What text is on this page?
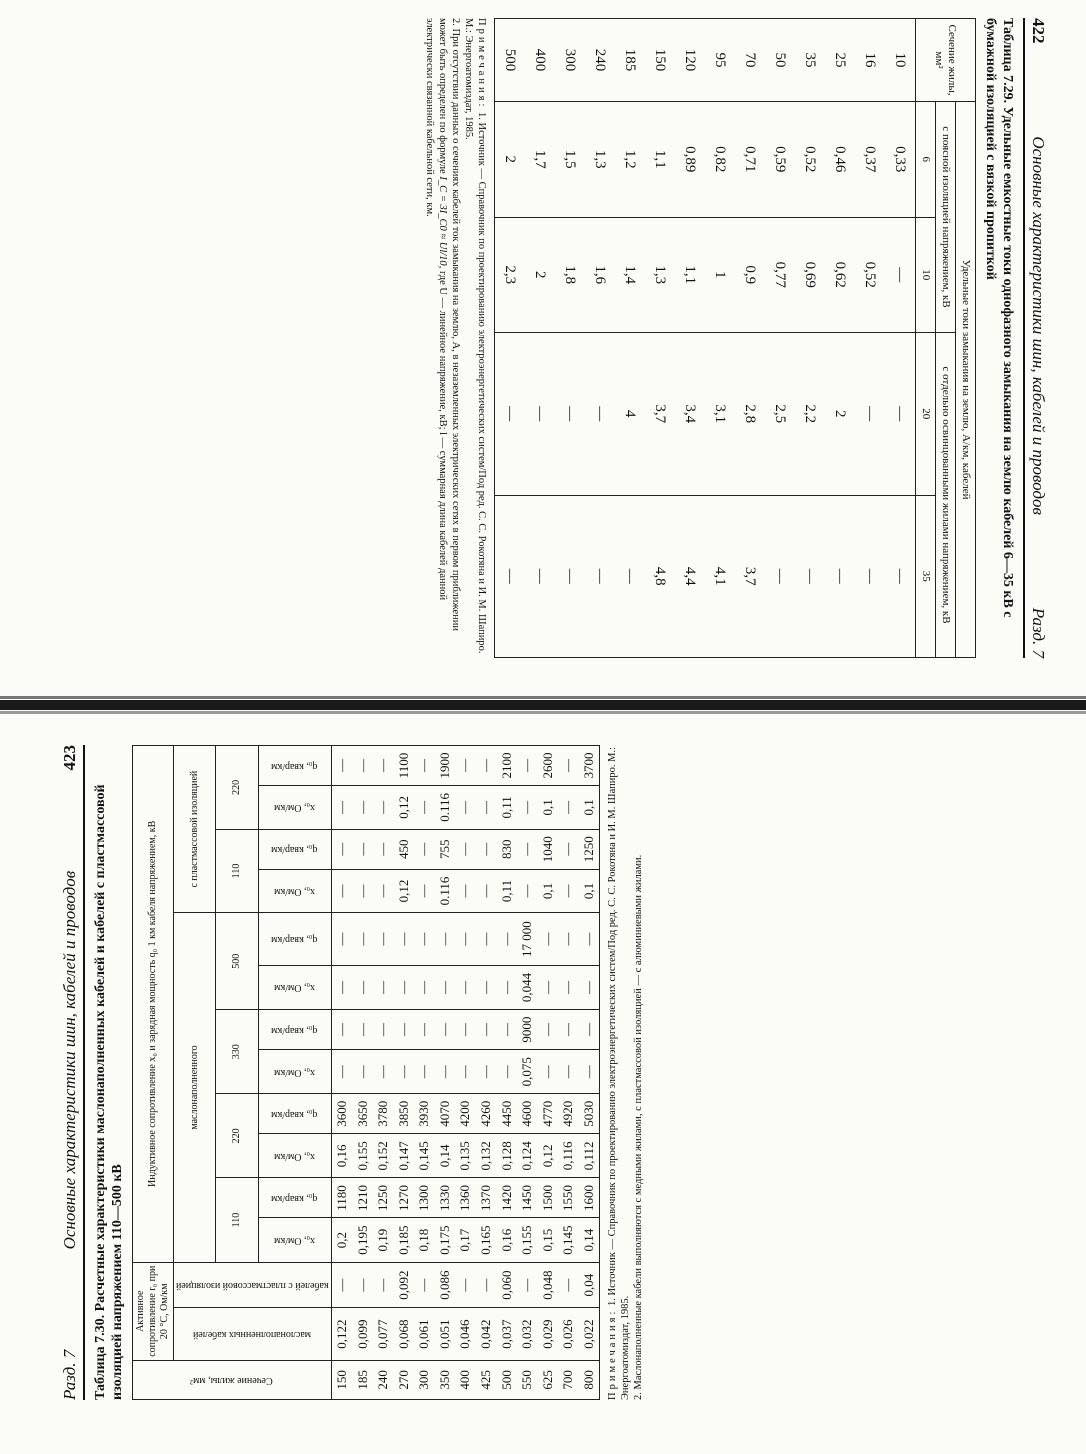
422
Основные характеристики шин, кабелей и проводов
Разд. 7
Таблица 7.29. Удельные емкостные токи однофазного замыкания на землю кабелей 6—35 кВ с бумажной изоляцией с вязкой пропиткой
Сечение жилы, мм²	Удельные токи замыкания на землю, А/км, кабелей			
	с поясной изоляцией напряжением, кВ		с отдельно освинцованными жилами напряжением, кВ	
	6	10	20	35
10	0,33	—	—	—
16	0,37	0,52	—	—
25	0,46	0,62	2	—
35	0,52	0,69	2,2	—
50	0,59	0,77	2,5	—
70	0,71	0,9	2,8	3,7
95	0,82	1	3,1	4,1
120	0,89	1,1	3,4	4,4
150	1,1	1,3	3,7	4,8
185	1,2	1,4	4	—
240	1,3	1,6	—	—
300	1,5	1,8	—	—
400	1,7	2	—	—
500	2	2,3	—	—

Примечания: 1. Источник — Справочник по проектированию электроэнергетических систем/Под ред. С. С. Рокотяна и И. М. Шапиро. М.: Энергоатомиздат, 1985.

2. При отсутствии данных о сечениях кабелей ток замыкания на землю, А, в незаземленных электрических сетях в первом приближении может быть определен по формуле I_C = 3I_C0 ≈ Ul/10, где U — линейное напряжение, кВ; l — суммарная длина кабелей данной электрически связанной кабельной сети, км.

Разд. 7
Основные характеристики шин, кабелей и проводов
423
Таблица 7.30. Расчетные характеристики маслонаполненных кабелей и кабелей с пластмассовой изоляцией напряжением 110—500 кВ	Сечение жилы, мм²	Активное сопротивление r₀ при 20 °С, Ом/км		Индуктивное сопротивление x₀ и зарядная мощность q₀ 1 км кабеля напряжением, кВ											

	маслонаполненных кабелей	кабелей с пластмассовой изоляцией	маслонаполненного								с пластмассовой изоляцией			
			110		220		330		500		110		220	

			x₀, Ом/км	q₀, квар/км	x₀, Ом/км	q₀, квар/км	x₀, Ом/км	q₀, квар/км	x₀, Ом/км	q₀, квар/км	x₀, Ом/км	q₀, квар/км	x₀, Ом/км	q₀, квар/км

150	0,122	—	0,2	1180	0,16	3600	—	—	—	—	—	—	—	—
185	0,099	—	0,195	1210	0,155	3650	—	—	—	—	—	—	—	—
240	0,077	—	0,19	1250	0,152	3780	—	—	—	—	—	—	—	—
270	0,068	0,092	0,185	1270	0,147	3850	—	—	—	—	0,12	450	0,12	1100
300	0,061	—	0,18	1300	0,145	3930	—	—	—	—	—	—	—	—
350	0,051	0,086	0,175	1330	0,14	4070	—	—	—	—	0.116	755	0.116	1900
400	0,046	—	0,17	1360	0,135	4200	—	—	—	—	—	—	—	—
425	0,042	—	0,165	1370	0,132	4260	—	—	—	—	—	—	—	—
500	0,037	0,060	0,16	1420	0,128	4450	—	—	—	—	0,11	830	0,11	2100
550	0,032	—	0,155	1450	0,124	4600	0,075	9000	0,044	17 000	—	—	—	—
625	0,029	0,048	0,15	1500	0,12	4770	—	—	—	—	0,1	1040	0,1	2600
700	0,026	—	0,145	1550	0,116	4920	—	—	—	—	—	—	—	—
800	0,022	0,04	0,14	1600	0,112	5030	—	—	—	—	0,1	1250	0,1	3700

Примечания: 1. Источник — Справочник по проектированию электроэнергетических систем/Под ред. С. С. Рокотяна и И. М. Шапиро. М.: Энергоатомиздат, 1985. 2. Маслонаполненные кабели выполняются с медными жилами, с пластмассовой изоляцией — с алюминиевыми жилами.
